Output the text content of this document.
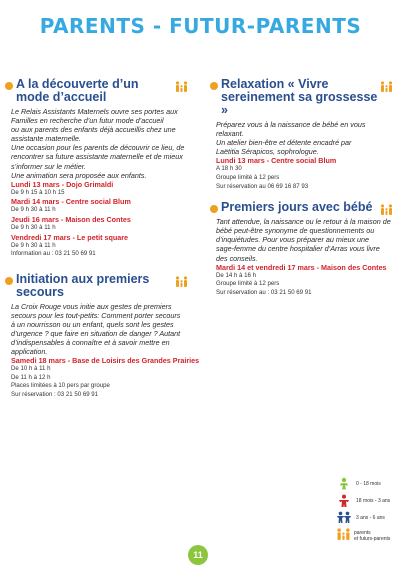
PARENTS - FUTUR-PARENTS
A la découverte d’un mode d’accueil

Le Relais Assistants Maternels ouvre ses portes aux

Familles en recherche d’un futur mode d’accueil

ou aux parents des enfants déjà accueillis chez une

assistante maternelle.

Une occasion pour les parents de découvrir ce lieu, de

rencontrer sa future assistante maternelle et de mieux

s’informer sur le métier.

Une animation sera proposée aux enfants.

Lundi 13 mars - Dojo Grimaldi
De 9 h 15 à 10 h 15
Mardi 14 mars - Centre social Blum
De 9 h 30 à 11 h
Jeudi 16 mars - Maison des Contes
De 9 h 30 à 11 h
Vendredi 17 mars - Le petit square
De 9 h 30 à 11 h
Information au : 03 21 50 69 91
Initiation aux premiers secours

La Croix Rouge vous initie aux gestes de premiers

secours pour les tout-petits: Comment porter secours

à un nourrisson ou un enfant, quels sont les gestes

d’urgence ? que faire en situation de danger ? Autant

d’indispensables à connaître et à savoir mettre en

application.

Samedi 18 mars - Base de Loisirs des Grandes Prairies
De 10 h à 11 h
De 11 h à 12 h
Places limitées à 10 pers par groupe
Sur réservation : 03 21 50 69 91
Relaxation « Vivre sereinement sa grossesse »

Préparez vous à la naissance de bébé en vous relaxant.

Un atelier bien-être et détente encadré par

Laëtitia Sérapicos, sophrologue.

Lundi 13 mars - Centre social Blum
A 18 h 30
Groupe limité à 12 pers
Sur réservation au 06 69 16 87 93
Premiers jours avec bébé

Tant attendue, la naissance ou le retour à la maison de

bébé peut-être synonyme de questionnements ou

d’inquiétudes. Pour vous préparer au mieux une

sage-femme du centre hospitalier d’Arras vous livre

des conseils.

Mardi 14 et vendredi 17 mars - Maison des Contes
De 14 h à 16 h
Groupe limité à 12 pers
Sur réservation au : 03 21 50 69 91
0 - 18 mois
18 mois - 3 ans
3 ans - 6 ans
parents
et futurs-parents
11
